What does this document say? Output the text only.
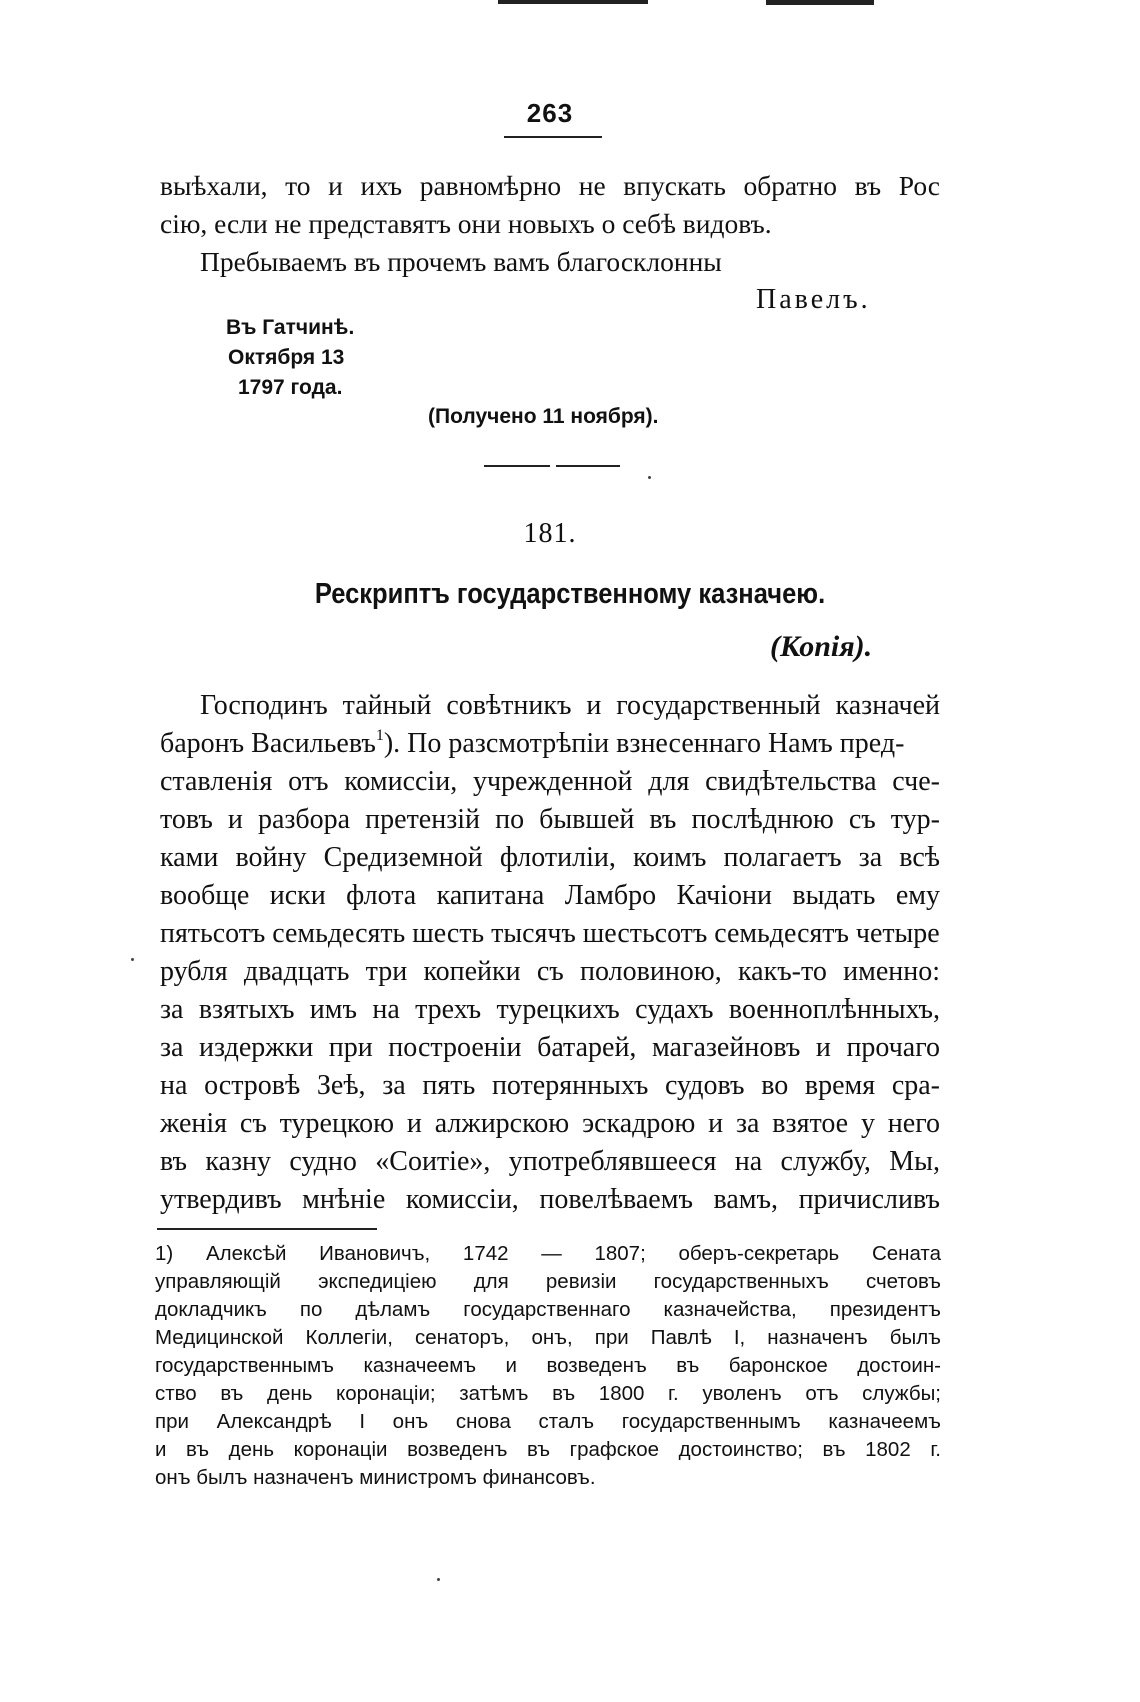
263
выѣхали, то и ихъ равномѣрно не впускать обратно въ Рос
сію, если не представятъ они новыхъ о себѣ видовъ.
Пребываемъ въ прочемъ вамъ благосклонны
Павелъ.
Въ Гатчинѣ.
Октября 13
1797 года.
(Получено 11 ноября).
181.
Рескриптъ государственному казначею.
(Копія).
Господинъ тайный совѣтникъ и государственный казначей
баронъ Васильевъ$^1$). По разсмотрѣпіи взнесеннаго Намъ пред-
ставленія отъ комиссіи, учрежденной для свидѣтельства сче-
товъ и разбора претензій по бывшей въ послѣднюю съ тур-
ками войну Средиземной флотиліи, коимъ полагаетъ за всѣ
вообще иски флота капитана Ламбро Качіони выдать ему
пятьсотъ семьдесять шесть тысячъ шестьсотъ семьдесятъ четыре
рубля двадцать три копейки съ половиною, какъ-то именно:
за взятыхъ имъ на трехъ турецкихъ судахъ военноплѣнныхъ,
за издержки при построеніи батарей, магазейновъ и прочаго
на островѣ Зеѣ, за пять потерянныхъ судовъ во время сра-
женія съ турецкою и алжирскою эскадрою и за взятое у него
въ казну судно «Соитіе», употреблявшееся на службу, Мы,
утвердивъ мнѣніе комиссіи, повелѣваемъ вамъ, причисливъ
1) Алексѣй Ивановичъ, 1742 — 1807; оберъ-секретарь Сената
управляющій экспедиціею для ревизіи государственныхъ счетовъ
докладчикъ по дѣламъ государственнаго казначейства, президентъ
Медицинской Коллегіи, сенаторъ, онъ, при Павлѣ I, назначенъ былъ
государственнымъ казначеемъ и возведенъ въ баронское достоин-
ство въ день коронаціи; затѣмъ въ 1800 г. уволенъ отъ службы;
при Александрѣ I онъ снова сталъ государственнымъ казначеемъ
и въ день коронаціи возведенъ въ графское достоинство; въ 1802 г.
онъ былъ назначенъ министромъ финансовъ.
